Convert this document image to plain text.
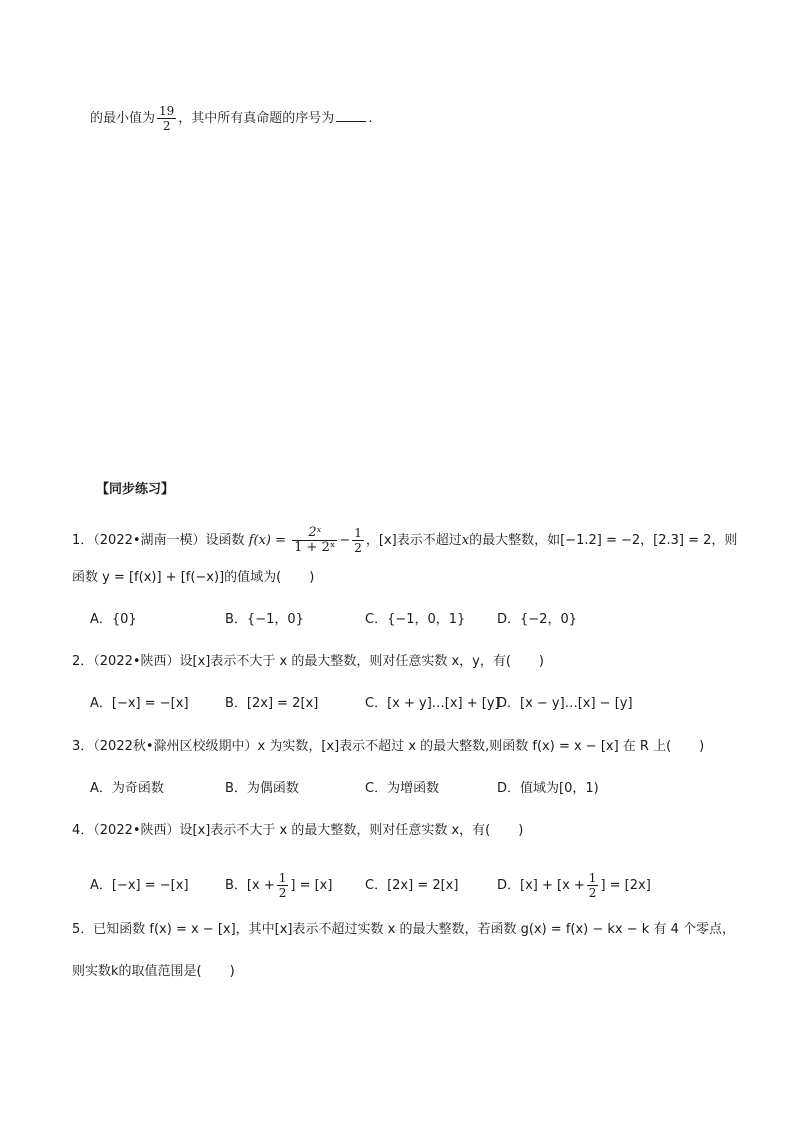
的最小值为 $\frac{19}{2}$ ，其中所有真命题的序号为	.
【同步练习】
1．（2022•湖南一模）设函数 $f(x) = \frac{\text{2ˣ}}{\text{1 + 2ˣ}} - \frac{1}{2}$ ，[x]表示不超过x的最大整数，如[−1.2] = −2，[2.3] = 2，则
函数 y = [f(x)] + [f(−x)]的值域为( )
A．{0}	B．{−1，0}	C．{−1，0，1} D．{−2，0}
2．（2022•陕西）设[x]表示不大于 x 的最大整数，则对任意实数 x，y，有( )
A．[−x] = −[x]	B．[2x] = 2[x]	C．[x + y]…[x] + [y]
D．[x − y]…[x] − [y]
3．（2022秋•滁州区校级期中）x 为实数，[x]表示不超过 x 的最大整数,则函数 f(x) = x − [x] 在 R 上( )
A．为奇函数	B．为偶函数	C．为增函数	D．值域为[0，1)
4．（2022•陕西）设[x]表示不大于 x 的最大整数，则对任意实数 x，有( )
A．[−x] = −[x]	B．[$x + \frac{1}{2}$ ] = [x]	C．[2x] = 2[x]	D．$[x] + [x + \frac{1}{2}$ ] = [2x]
5．已知函数 f(x) = x − [x]，其中[x]表示不超过实数 x 的最大整数，若函数 g(x) = f(x) − kx − k 有 4 个零点，
则实数k的取值范围是( )
